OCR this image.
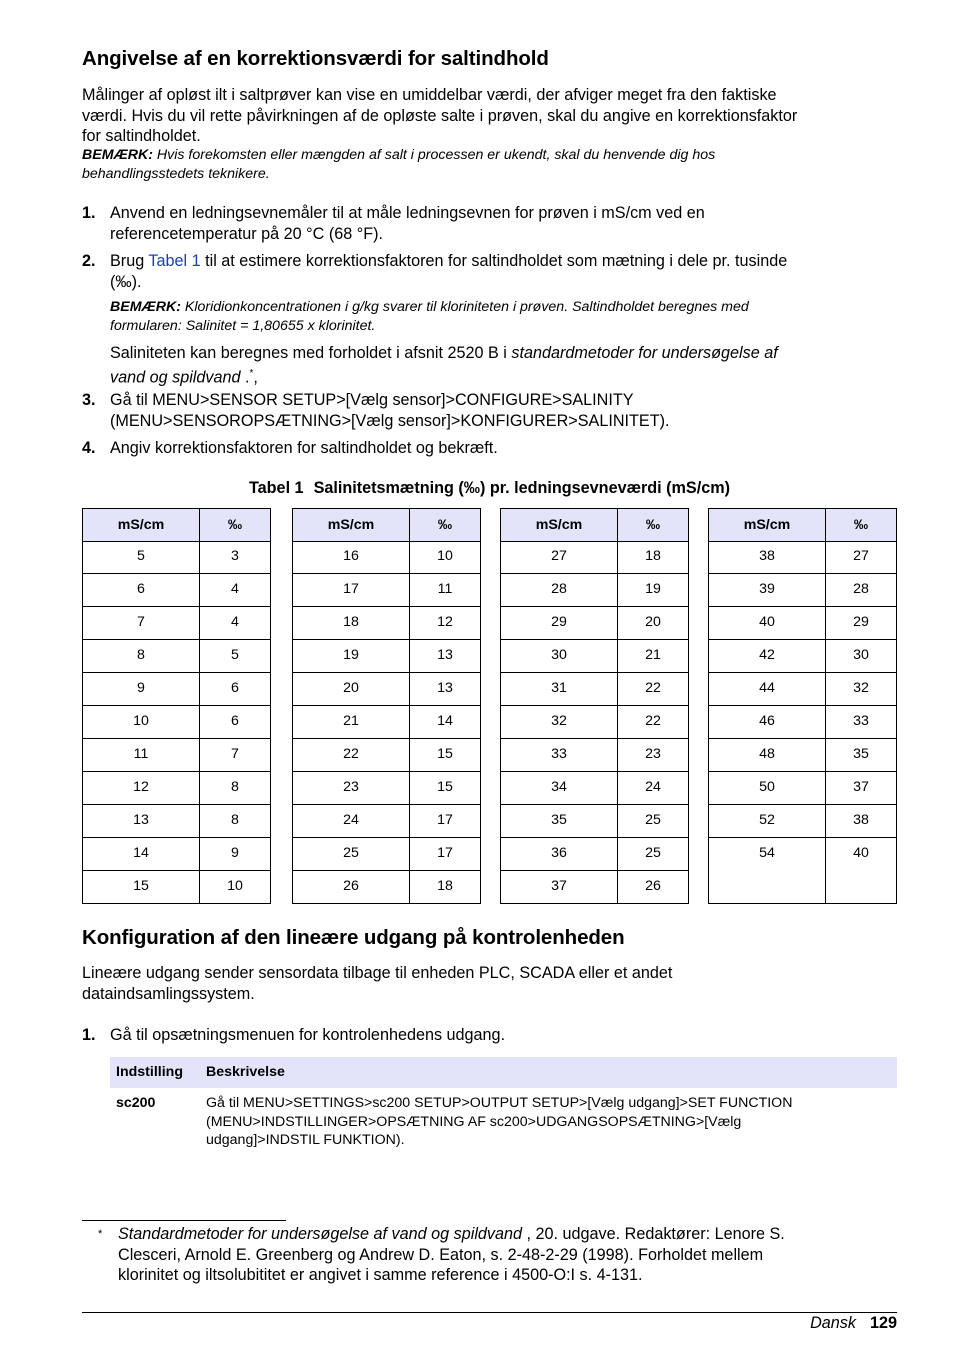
Angivelse af en korrektionsværdi for saltindhold

Målinger af opløst ilt i saltprøver kan vise en umiddelbar værdi, der afviger meget fra den faktiske
værdi. Hvis du vil rette påvirkningen af de opløste salte i prøven, skal du angive en korrektionsfaktor
for saltindholdet.

BEMÆRK: Hvis forekomsten eller mængden af salt i processen er ukendt, skal du henvende dig hos
behandlingsstedets teknikere.

1. Anvend en ledningsevnemåler til at måle ledningsevnen for prøven i mS/cm ved en
referencetemperatur på 20 °C (68 °F).
2. Brug Tabel 1 til at estimere korrektionsfaktoren for saltindholdet som mætning i dele pr. tusinde
(‰).

BEMÆRK: Kloridionkoncentrationen i g/kg svarer til kloriniteten i prøven. Saltindholdet beregnes med
formularen: Salinitet = 1,80655 x klorinitet.

Saliniteten kan beregnes med forholdet i afsnit 2520 B i standardmetoder for undersøgelse af
vand og spildvand .*,

3. Gå til MENU>SENSOR SETUP>[Vælg sensor]>CONFIGURE>SALINITY
(MENU>SENSOROPSÆTNING>[Vælg sensor]>KONFIGURER>SALINITET).
4. Angiv korrektionsfaktoren for saltindholdet og bekræft.
Tabel 1 Salinitetsmætning (‰) pr. ledningsevneværdi (mS/cm)
mS/cm	‰
5	3
6	4
7	4
8	5
9	6
10	6
11	7
12	8
13	8
14	9
15	10
mS/cm	‰
16	10
17	11
18	12
19	13
20	13
21	14
22	15
23	15
24	17
25	17
26	18
mS/cm	‰
27	18
28	19
29	20
30	21
31	22
32	22
33	23
34	24
35	25
36	25
37	26
mS/cm	‰
38	27
39	28
40	29
42	30
44	32
46	33
48	35
50	37
52	38
54	40
Konfiguration af den lineære udgang på kontrolenheden

Lineære udgang sender sensordata tilbage til enheden PLC, SCADA eller et andet
dataindsamlingssystem.

1. Gå til opsætningsmenuen for kontrolenhedens udgang.
Indstilling Beskrivelse
sc200	Gå til MENU>SETTINGS>sc200 SETUP>OUTPUT SETUP>[Vælg udgang]>SET FUNCTION
(MENU>INDSTILLINGER>OPSÆTNING AF sc200>UDGANGSOPSÆTNING>[Vælg
udgang]>INDSTIL FUNKTION).
* Standardmetoder for undersøgelse af vand og spildvand , 20. udgave. Redaktører: Lenore S.
Clesceri, Arnold E. Greenberg og Andrew D. Eaton, s. 2-48-2-29 (1998). Forholdet mellem
klorinitet og iltsolubititet er angivet i samme reference i 4500-O:I s. 4-131.
Dansk 129
